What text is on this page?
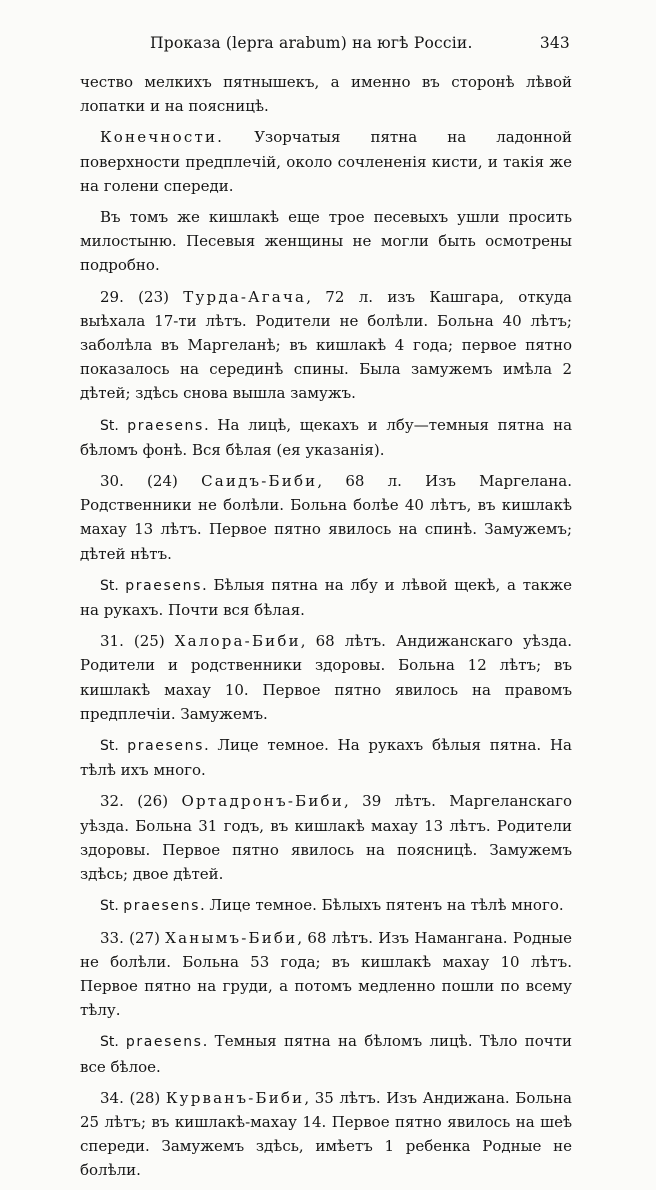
Проказа (lepra arabum) на югѣ Россіи.	343

чество мелкихъ пятнышекъ, а именно въ сторонѣ лѣвой лопатки и на поясницѣ.

Конечности. Узорчатыя пятна на ладонной поверхности предплечій, около сочлененія кисти, и такія же на голени спереди.

Въ томъ же кишлакѣ еще трое песевыхъ ушли просить милостыню. Песевыя женщины не могли быть осмотрены подробно.

29. (23) Турда-Агача, 72 л. изъ Кашгара, откуда выѣхала 17-ти лѣтъ. Родители не болѣли. Больна 40 лѣтъ; заболѣла въ Маргеланѣ; въ кишлакѣ 4 года; первое пятно показалось на серединѣ спины. Была замужемъ имѣла 2 дѣтей; здѣсь снова вышла замужъ.

St. praesens. На лицѣ, щекахъ и лбу—темныя пятна на бѣломъ фонѣ. Вся бѣлая (ея указанія).

30. (24) Саидъ-Биби, 68 л. Изъ Маргелана. Родственники не болѣли. Больна болѣе 40 лѣтъ, въ кишлакѣ махау 13 лѣтъ. Первое пятно явилось на спинѣ. Замужемъ; дѣтей нѣтъ.

St. praesens. Бѣлыя пятна на лбу и лѣвой щекѣ, а также на рукахъ. Почти вся бѣлая.

31. (25) Халора-Биби, 68 лѣтъ. Андижанскаго уѣзда. Родители и родственники здоровы. Больна 12 лѣтъ; въ кишлакѣ махау 10. Первое пятно явилось на правомъ предплечіи. Замужемъ.

St. praesens. Лице темное. На рукахъ бѣлыя пятна. На тѣлѣ ихъ много.

32. (26) Ортадронъ-Биби, 39 лѣтъ. Маргеланскаго уѣзда. Больна 31 годъ, въ кишлакѣ махау 13 лѣтъ. Родители здоровы. Первое пятно явилось на поясницѣ. Замужемъ здѣсь; двое дѣтей.

St. praesens. Лице темное. Бѣлыхъ пятенъ на тѣлѣ много.

33. (27) Ханымъ-Биби, 68 лѣтъ. Изъ Намангана. Родные не болѣли. Больна 53 года; въ кишлакѣ махау 10 лѣтъ. Первое пятно на груди, а потомъ медленно пошли по всему тѣлу.

St. praesens. Темныя пятна на бѣломъ лицѣ. Тѣло почти все бѣлое.

34. (28) Курванъ-Биби, 35 лѣтъ. Изъ Андижана. Больна 25 лѣтъ; въ кишлакѣ-махау 14. Первое пятно явилось на шеѣ спереди. Замужемъ здѣсь, имѣетъ 1 ребенка Родные не болѣли.
